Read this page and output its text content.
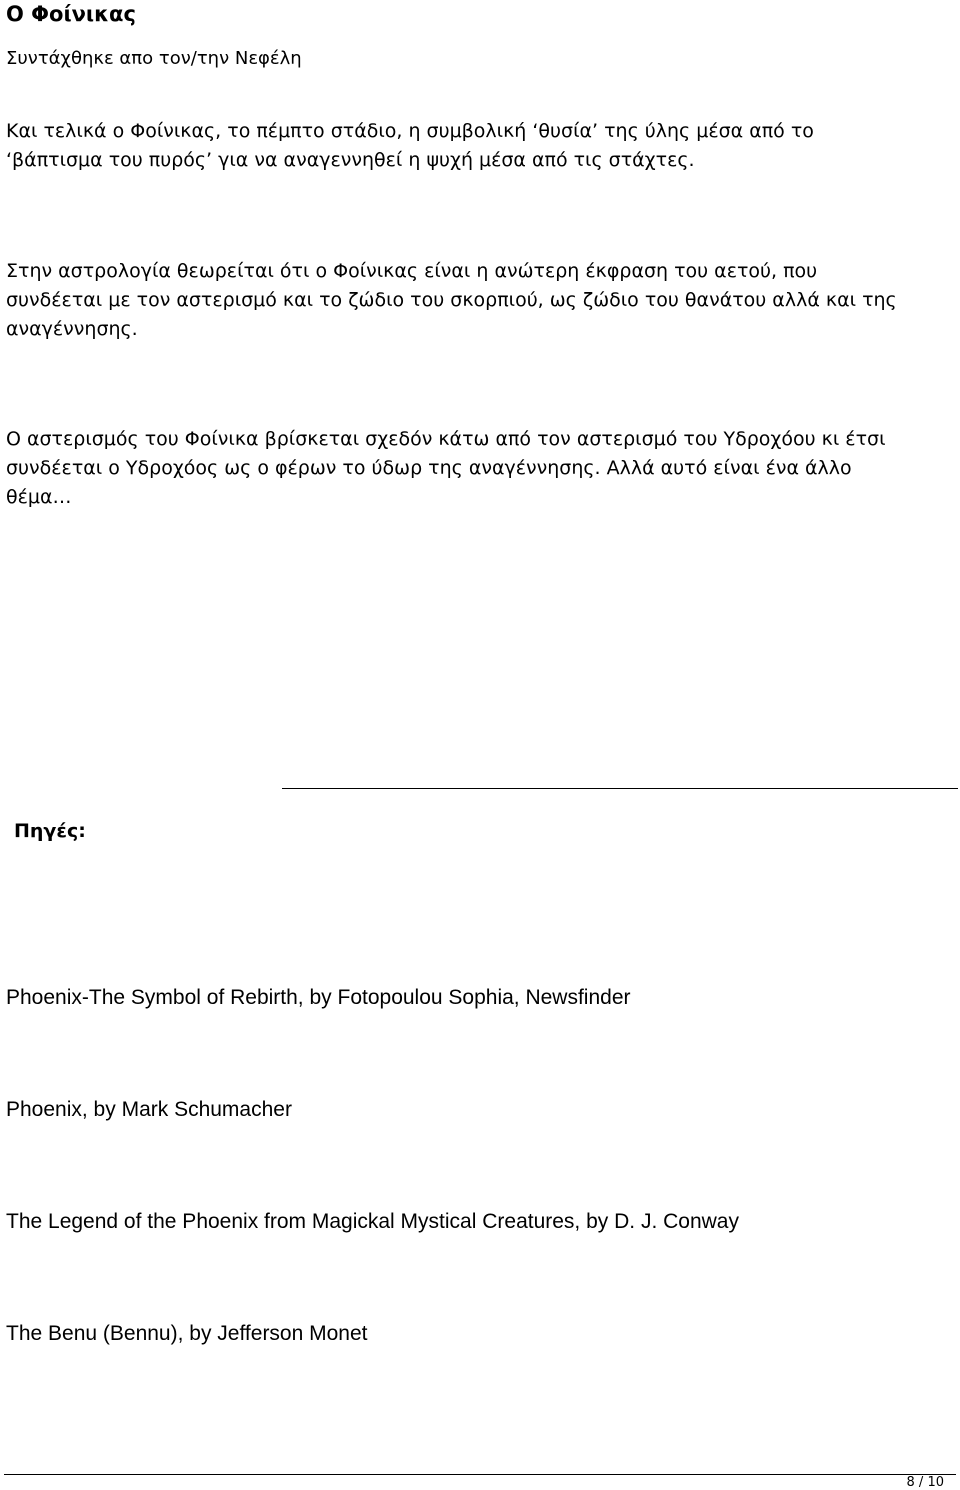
Ο Φοίνικας
Συντάχθηκε απο τον/την Νεφέλη
Και τελικά ο Φοίνικας, το πέμπτο στάδιο, η συμβολική ‘θυσία’ της ύλης μέσα από το
‘βάπτισμα του πυρός’ για να αναγεννηθεί η ψυχή μέσα από τις στάχτες.
Στην αστρολογία θεωρείται ότι ο Φοίνικας είναι η ανώτερη έκφραση του αετού, που
συνδέεται με τον αστερισμό και το ζώδιο του σκορπιού, ως ζώδιο του θανάτου αλλά και της
αναγέννησης.
Ο αστερισμός του Φοίνικα βρίσκεται σχεδόν κάτω από τον αστερισμό του Υδροχόου κι έτσι
συνδέεται ο Υδροχόος ως ο φέρων το ύδωρ της αναγέννησης. Αλλά αυτό είναι ένα άλλο
θέμα…
Πηγές:
Phoenix-The Symbol of Rebirth, by Fotopoulou Sophia, Newsfinder
Phoenix, by Mark Schumacher
The Legend of the Phoenix from Magickal Mystical Creatures, by D. J. Conway
The Benu (Bennu), by Jefferson Monet
8 / 10
